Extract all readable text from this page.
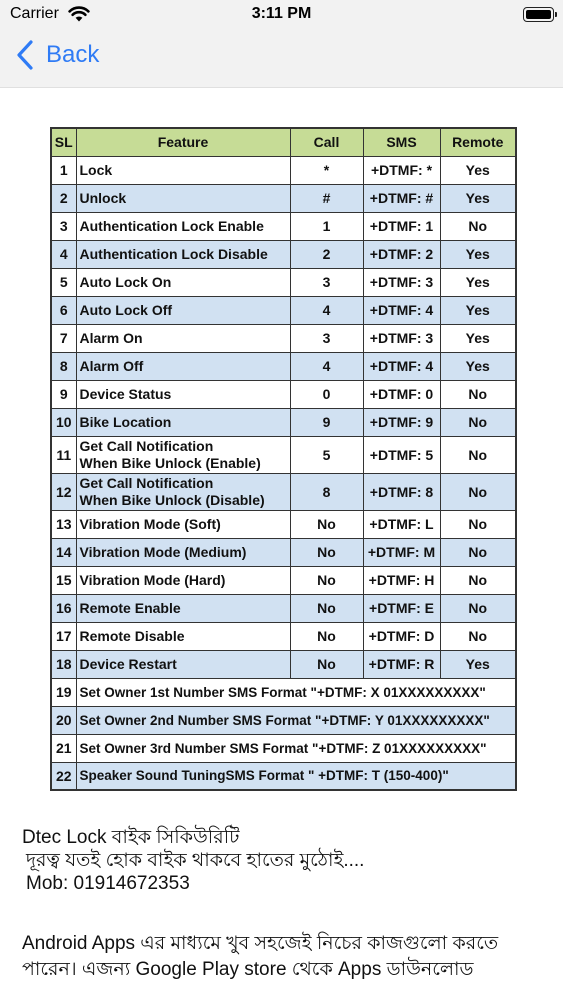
Carrier	3:11 PM
Back
SL	Feature	Call	SMS	Remote
1	Lock	*	+DTMF: *	Yes
2	Unlock	#	+DTMF: #	Yes
3	Authentication Lock Enable	1	+DTMF: 1	No
4	Authentication Lock Disable	2	+DTMF: 2	Yes
5	Auto Lock On	3	+DTMF: 3	Yes
6	Auto Lock Off	4	+DTMF: 4	Yes
7	Alarm On	3	+DTMF: 3	Yes
8	Alarm Off	4	+DTMF: 4	Yes
9	Device Status	0	+DTMF: 0	No
10	Bike Location	9	+DTMF: 9	No
11	Get Call Notification
When Bike Unlock (Enable)	5	+DTMF: 5	No
12	Get Call Notification
When Bike Unlock (Disable)	8	+DTMF: 8	No
13	Vibration Mode (Soft)	No	+DTMF: L	No
14	Vibration Mode (Medium)	No	+DTMF: M	No
15	Vibration Mode (Hard)	No	+DTMF: H	No
16	Remote Enable	No	+DTMF: E	No
17	Remote Disable	No	+DTMF: D	No
18	Device Restart	No	+DTMF: R	Yes
19	Set Owner 1st Number SMS Format "+DTMF: X 01XXXXXXXXX"			
20	Set Owner 2nd Number SMS Format "+DTMF: Y 01XXXXXXXXX"			
21	Set Owner 3rd Number SMS Format "+DTMF: Z 01XXXXXXXXX"			
22	Speaker Sound TuningSMS Format " +DTMF: T (150-400)"			
Dtec Lock বাইক সিকিউরিটি
দূরত্ব যতই হোক বাইক থাকবে হাতের মুঠোই....
Mob: 01914672353
Android Apps এর মাধ্যমে খুব সহজেই নিচের কাজগুলো করতে পারেন। এজন্য Google Play store থেকে Apps ডাউনলোড
